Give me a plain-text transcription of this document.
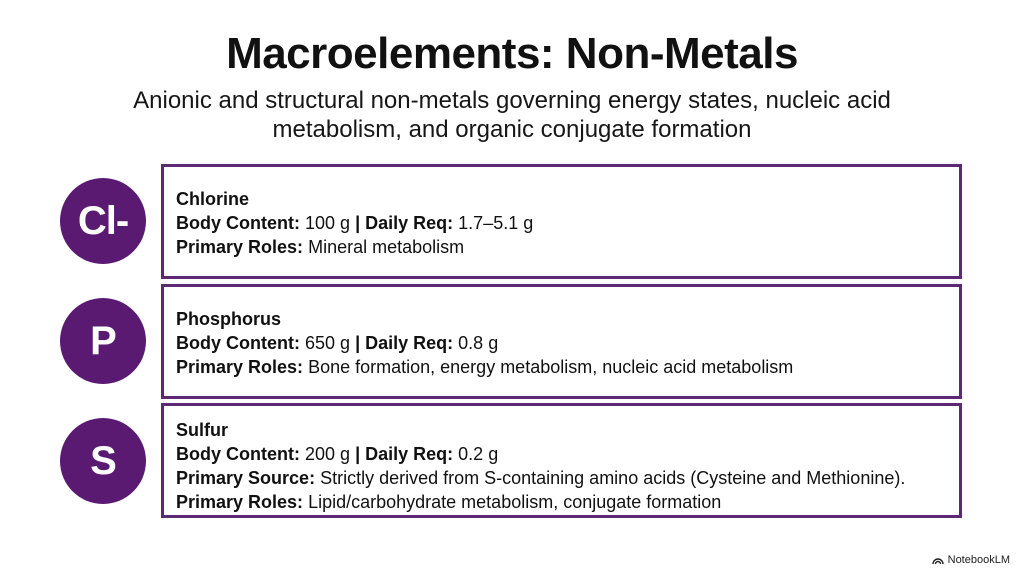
Macroelements: Non-Metals
Anionic and structural non-metals governing energy states, nucleic acid metabolism, and organic conjugate formation
Cl-	Chlorine
Body Content: 100 g | Daily Req: 1.7–5.1 g
Primary Roles: Mineral metabolism
P	Phosphorus
Body Content: 650 g | Daily Req: 0.8 g
Primary Roles: Bone formation, energy metabolism, nucleic acid metabolism
S
Sulfur
Body Content: 200 g | Daily Req: 0.2 g
Primary Source: Strictly derived from S-containing amino acids (Cysteine and Methionine).
Primary Roles: Lipid/carbohydrate metabolism, conjugate formation
NotebookLM
